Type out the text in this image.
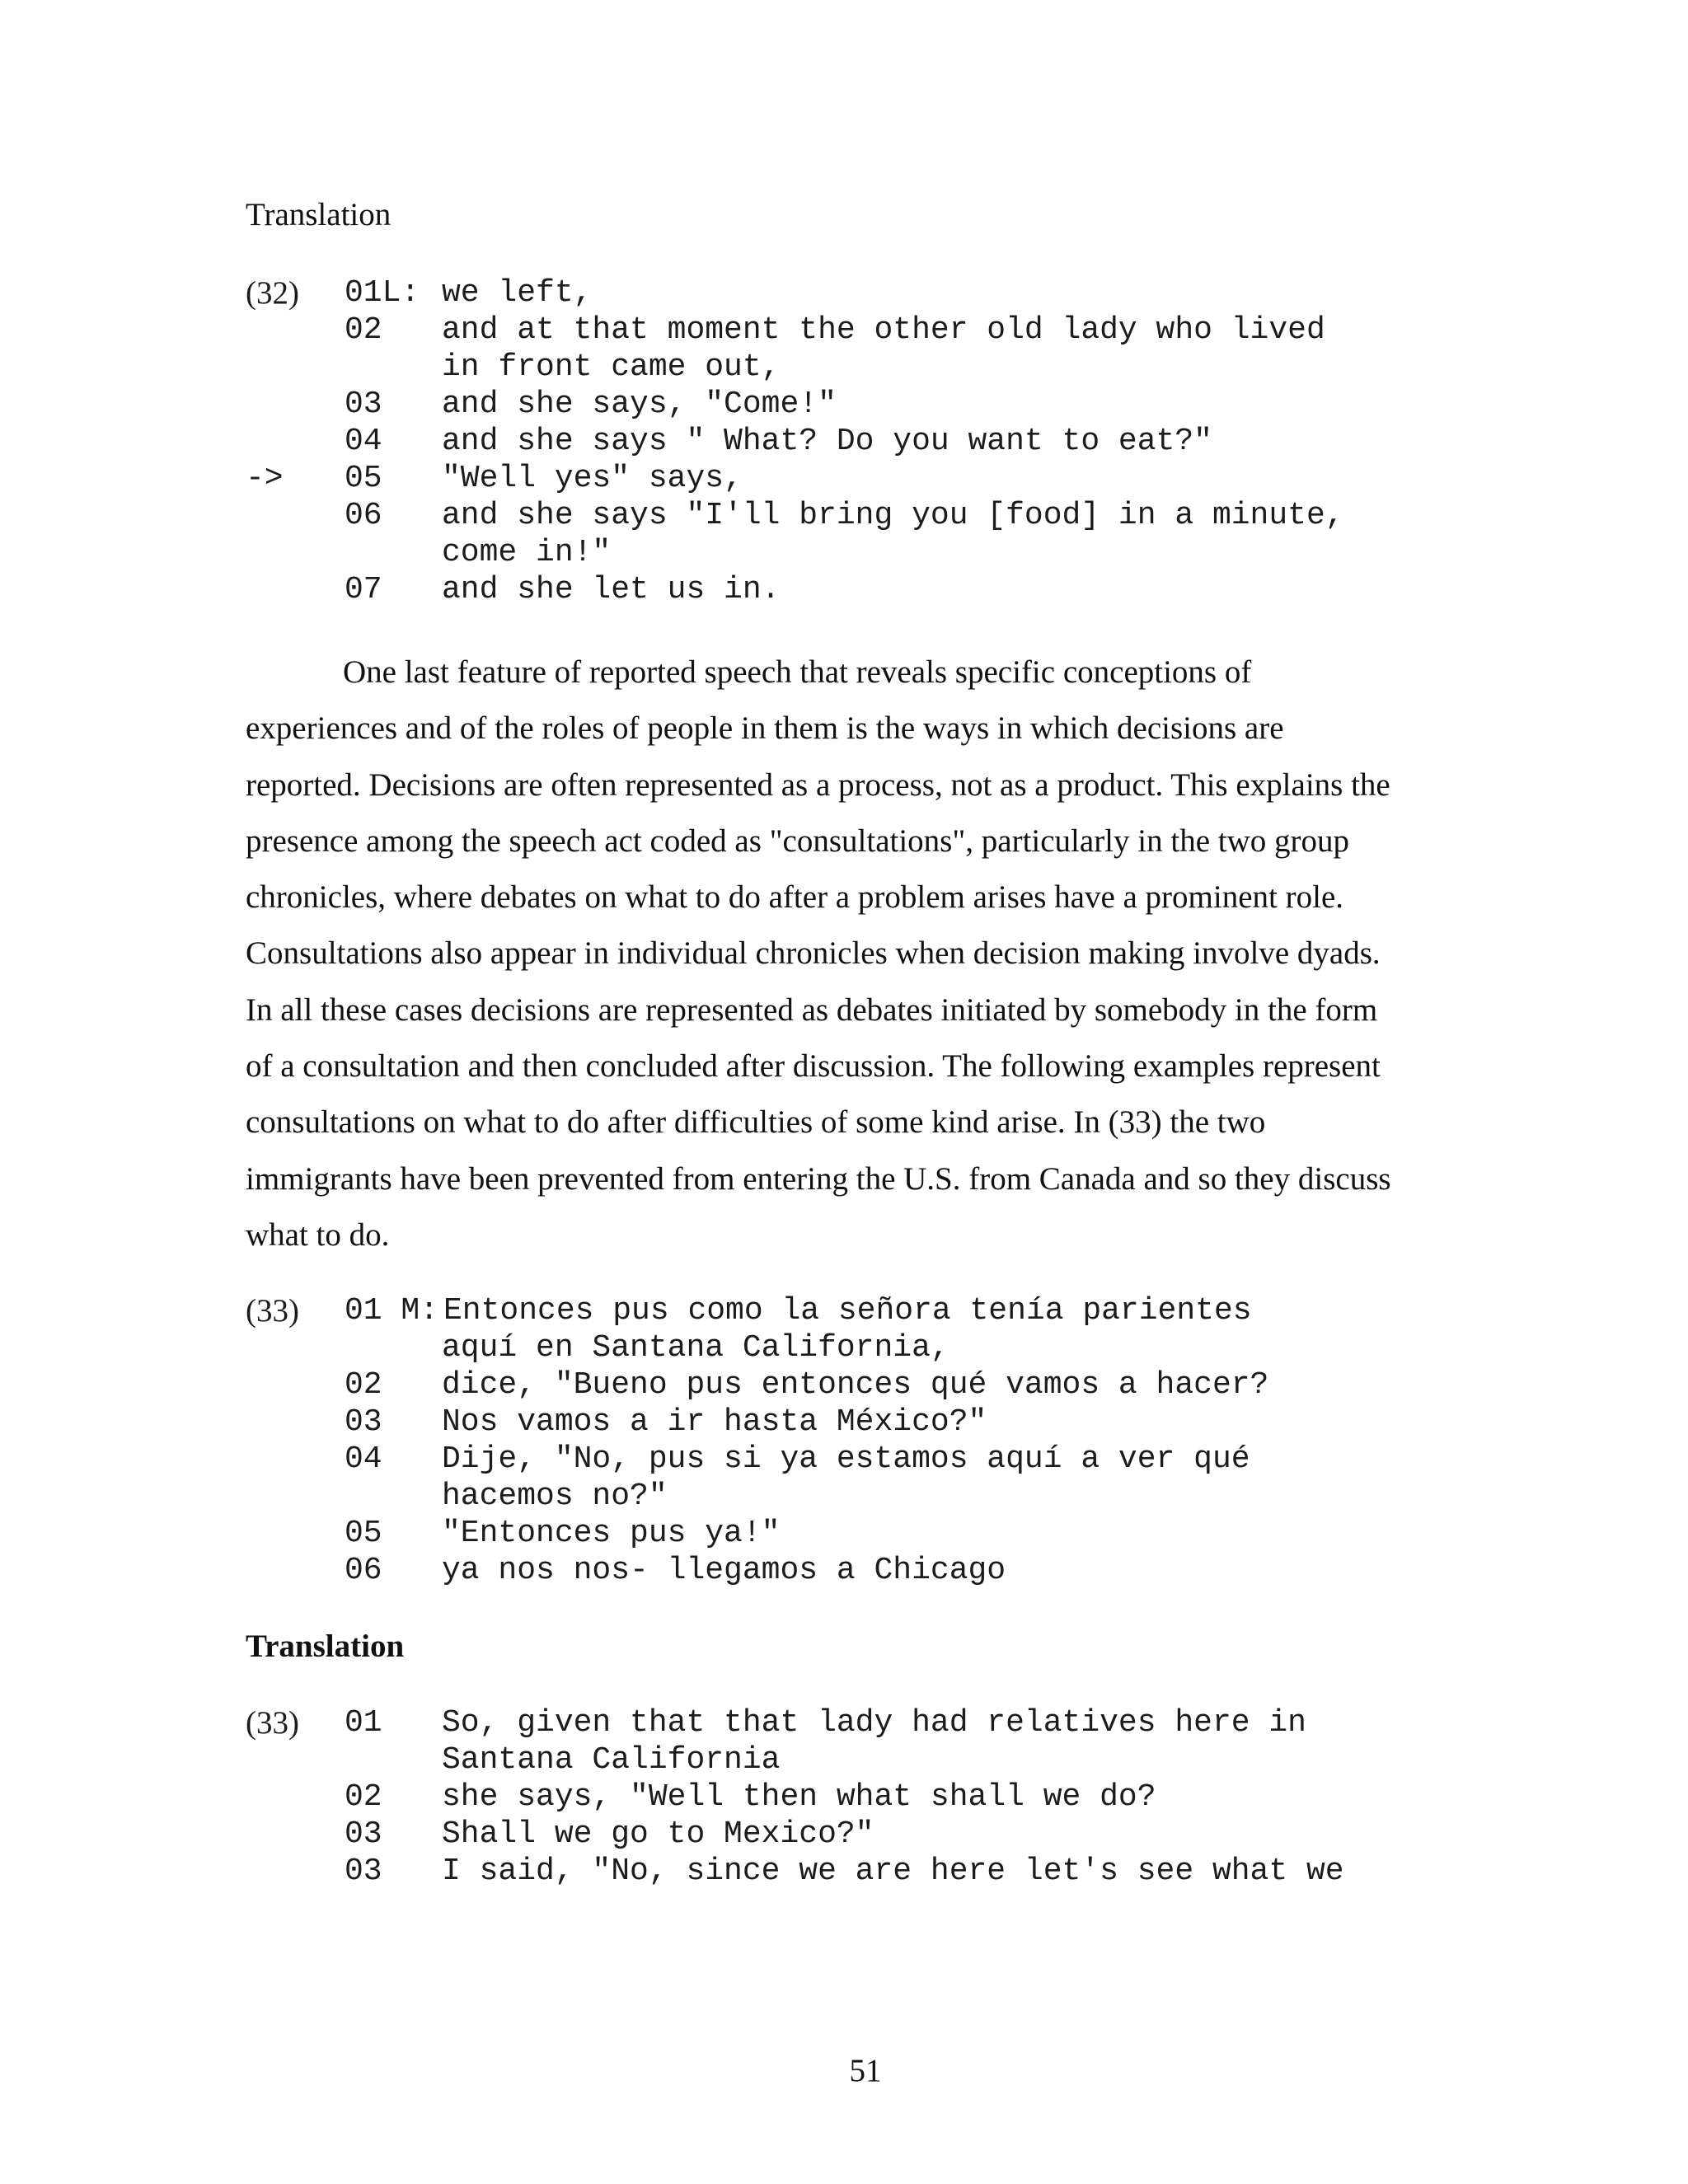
Translation

(32)

01L:

we left,

02

and at that moment the other old lady who lived

in front came out,

03

and she says, "Come!"

04

and she says " What? Do you want to eat?"

->

05

"Well yes" says,

06

and she says "I'll bring you [food] in a minute,

come in!"

07

and she let us in.

One last feature of reported speech that reveals specific conceptions of
experiences and of the roles of people in them is the ways in which decisions are
reported. Decisions are often represented as a process, not as a product. This explains the
presence among the speech act coded as "consultations", particularly in the two group
chronicles, where debates on what to do after a problem arises have a prominent role.
Consultations also appear in individual chronicles when decision making involve dyads.
In all these cases decisions are represented as debates initiated by somebody in the form
of a consultation and then concluded after discussion. The following examples represent
consultations on what to do after difficulties of some kind arise. In (33) the two
immigrants have been prevented from entering the U.S. from Canada and so they discuss
what to do.

(33)

01 M:

Entonces pus como la señora tenía parientes

aquí en Santana California,

02

dice, "Bueno pus entonces qué vamos a hacer?

03

Nos vamos a ir hasta México?"

04

Dije, "No, pus si ya estamos aquí a ver qué

hacemos no?"

05

"Entonces pus ya!"

06

ya nos nos- llegamos a Chicago

Translation

(33)

01

So, given that that lady had relatives here in

Santana California

02

she says, "Well then what shall we do?

03

Shall we go to Mexico?"

03

I said, "No, since we are here let's see what we

51
